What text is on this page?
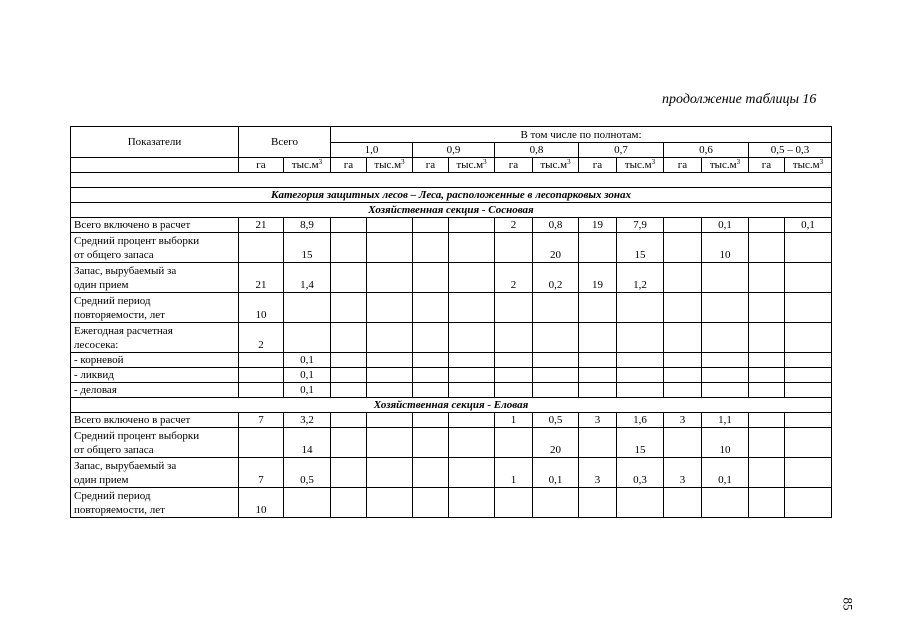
продолжение таблицы 16
Показатели	Всего		В том числе по полнотам:											
			1,0		0,9		0,8		0,7		0,6		0,5 – 0,3	
	га	$тыс.м^3$	га	$тыс.м^3$	га	$тыс.м^3$	га	$тыс.м^3$	га	$тыс.м^3$	га	$тыс.м^3$	га	$тыс.м^3$

Категория защитных лесов – Леса, расположенные в лесопарковых зонах														
Хозяйственная секция - Сосновая														

Всего включено в расчет	21	8,9					2	0,8	19	7,9		0,1		0,1

Средний процент выборки
от общего запаса		15						20		15		10		

Запас, вырубаемый за
один прием	21	1,4					2	0,2	19	1,2				

Средний период
повторяемости, лет	10													

Ежегодная расчетная
лесосека:	2													

- корневой		0,1												

- ликвид		0,1												

- деловая		0,1												
Хозяйственная секция - Еловая														

Всего включено в расчет	7	3,2					1	0,5	3	1,6	3	1,1		

Средний процент выборки
от общего запаса		14						20		15		10		

Запас, вырубаемый за
один прием	7	0,5					1	0,1	3	0,3	3	0,1		

Средний период
повторяемости, лет	10													
85
